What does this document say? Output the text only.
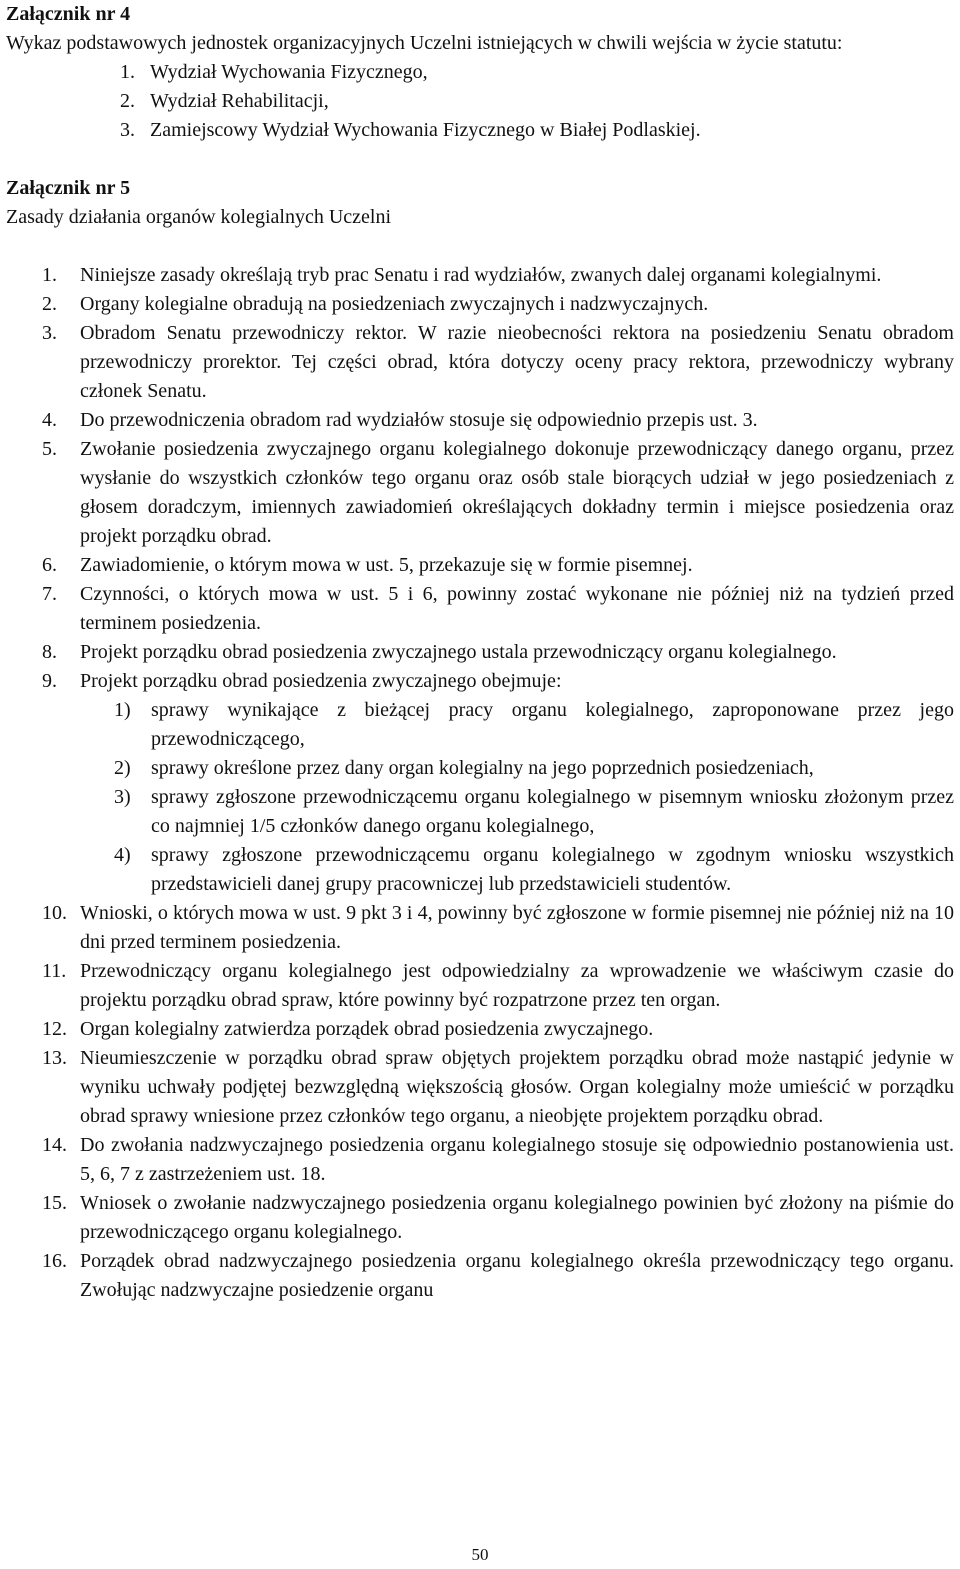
Załącznik nr 4

Wykaz podstawowych jednostek organizacyjnych Uczelni istniejących w chwili wejścia w życie statutu:

1. Wydział Wychowania Fizycznego,
2. Wydział Rehabilitacji,
3. Zamiejscowy Wydział Wychowania Fizycznego w Białej Podlaskiej.

Załącznik nr 5

Zasady działania organów kolegialnych Uczelni

1.	Niniejsze zasady określają tryb prac Senatu i rad wydziałów, zwanych dalej organami kolegialnymi.
2.	Organy kolegialne obradują na posiedzeniach zwyczajnych i nadzwyczajnych.
3.	Obradom Senatu przewodniczy rektor. W razie nieobecności rektora na posiedzeniu Senatu obradom przewodniczy prorektor. Tej części obrad, która dotyczy oceny pracy rektora, przewodniczy wybrany członek Senatu.
4.	Do przewodniczenia obradom rad wydziałów stosuje się odpowiednio przepis ust. 3.
5.	Zwołanie posiedzenia zwyczajnego organu kolegialnego dokonuje przewodniczący danego organu, przez wysłanie do wszystkich członków tego organu oraz osób stale biorących udział w jego posiedzeniach z głosem doradczym, imiennych zawiadomień określających dokładny termin i miejsce posiedzenia oraz projekt porządku obrad.
6.	Zawiadomienie, o którym mowa w ust. 5, przekazuje się w formie pisemnej.
7.	Czynności, o których mowa w ust. 5 i 6, powinny zostać wykonane nie później niż na tydzień przed terminem posiedzenia.
8.	Projekt porządku obrad posiedzenia zwyczajnego ustala przewodniczący organu kolegialnego.
9.	Projekt porządku obrad posiedzenia zwyczajnego obejmuje:
1)	sprawy wynikające z bieżącej pracy organu kolegialnego, zaproponowane przez jego przewodniczącego,
2)	sprawy określone przez dany organ kolegialny na jego poprzednich posiedzeniach,
3)	sprawy zgłoszone przewodniczącemu organu kolegialnego w pisemnym wniosku złożonym przez co najmniej 1/5 członków danego organu kolegialnego,
4)	sprawy zgłoszone przewodniczącemu organu kolegialnego w zgodnym wniosku wszystkich przedstawicieli danej grupy pracowniczej lub przedstawicieli studentów.
10. Wnioski, o których mowa w ust. 9 pkt 3 i 4, powinny być zgłoszone w formie pisemnej nie później niż na 10 dni przed terminem posiedzenia.
11. Przewodniczący organu kolegialnego jest odpowiedzialny za wprowadzenie we właściwym czasie do projektu porządku obrad spraw, które powinny być rozpatrzone przez ten organ.
12. Organ kolegialny zatwierdza porządek obrad posiedzenia zwyczajnego.
13. Nieumieszczenie w porządku obrad spraw objętych projektem porządku obrad może nastąpić jedynie w wyniku uchwały podjętej bezwzględną większością głosów. Organ kolegialny może umieścić w porządku obrad sprawy wniesione przez członków tego organu, a nieobjęte projektem porządku obrad.
14. Do zwołania nadzwyczajnego posiedzenia organu kolegialnego stosuje się odpowiednio postanowienia ust. 5, 6, 7 z zastrzeżeniem ust. 18.
15. Wniosek o zwołanie nadzwyczajnego posiedzenia organu kolegialnego powinien być złożony na piśmie do przewodniczącego organu kolegialnego.
16. Porządek obrad nadzwyczajnego posiedzenia organu kolegialnego określa przewodniczący tego organu. Zwołując nadzwyczajne posiedzenie organu
50
